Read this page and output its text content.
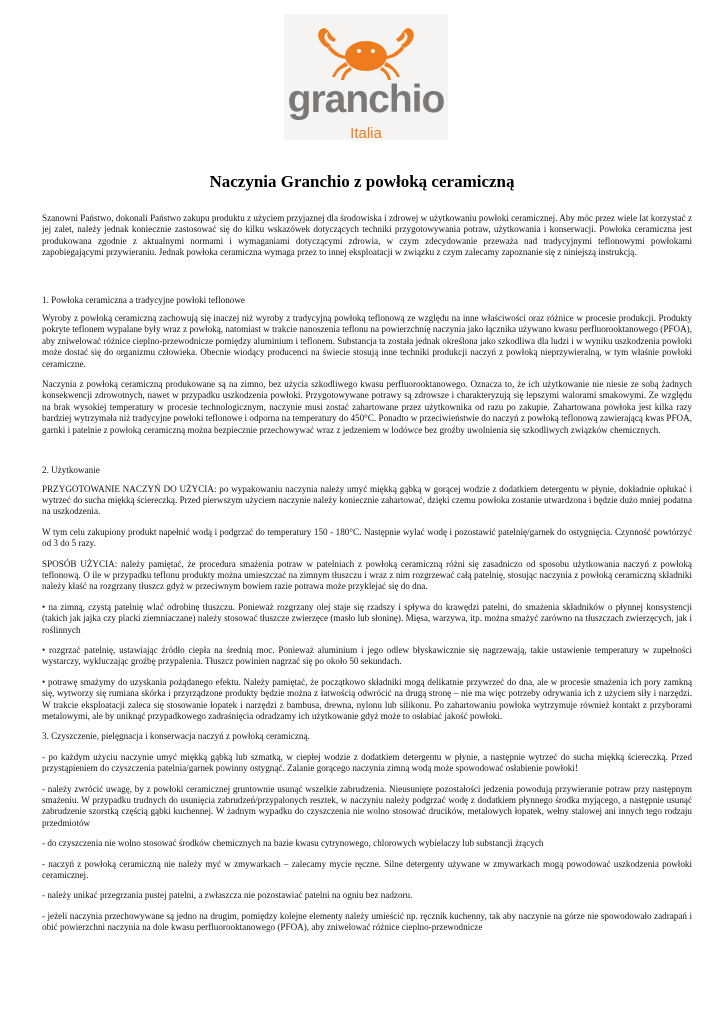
granchio
Italia
Naczynia Granchio z powłoką ceramiczną

Szanowni Państwo, dokonali Państwo zakupu produktu z użyciem przyjaznej dla środowiska i zdrowej w użytkowaniu powłoki ceramicznej. Aby móc przez wiele lat korzystać z jej zalet, należy jednak koniecznie zastosować się do kilku wskazówek dotyczących techniki przygotowywania potraw, użytkowania i konserwacji. Powłoka ceramiczna jest produkowana zgodnie z aktualnymi normami i wymaganiami dotyczącymi zdrowia, w czym zdecydowanie przeważa nad tradycyjnymi teflonowymi powłokami zapobiegającymi przywieraniu. Jednak powłoka ceramiczna wymaga przez to innej eksploatacji w związku z czym zalecamy zapoznanie się z niniejszą instrukcją.

1. Powłoka ceramiczna a tradycyjne powłoki teflonowe

Wyroby z powłoką ceramiczną zachowują się inaczej niż wyroby z tradycyjną powłoką teflonową ze względu na inne właściwości oraz różnice w procesie produkcji. Produkty pokryte teflonem wypalane były wraz z powłoką, natomiast w trakcie nanoszenia teflonu na powierzchnię naczynia jako łącznika używano kwasu perfluorooktanowego (PFOA), aby zniwelować różnice cieplno-przewodnicze pomiędzy aluminium i teflonem. Substancja ta została jednak określona jako szkodliwa dla ludzi i w wyniku uszkodzenia powłoki może dostać się do organizmu człowieka. Obecnie wiodący producenci na świecie stosują inne techniki produkcji naczyń z powłoką nieprzywieralną, w tym właśnie powłoki ceramiczne.

Naczynia z powłoką ceramiczną produkowane są na zimno, bez użycia szkodliwego kwasu perfluorooktanowego. Oznacza to, że ich użytkowanie nie niesie ze sobą żadnych konsekwencji zdrowotnych, nawet w przypadku uszkodzenia powłoki. Przygotowywane potrawy są zdrowsze i charakteryzują się lepszymi walorami smakowymi. Ze względu na brak wysokiej temperatury w procesie technologicznym, naczynie musi zostać zahartowane przez użytkownika od razu po zakupie. Zahartowana powłoka jest kilka razy bardziej wytrzymała niż tradycyjne powłoki teflonowe i odporna na temperatury do 450°C. Ponadto w przeciwieństwie do naczyń z powłoką teflonową zawierającą kwas PFOA, garnki i patelnie z powłoką ceramiczną można bezpiecznie przechowywać wraz z jedzeniem w lodówce bez groźby uwolnienia się szkodliwych związków chemicznych.

2. Użytkowanie

PRZYGOTOWANIE NACZYŃ DO UŻYCIA: po wypakowaniu naczynia należy umyć miękką gąbką w gorącej wodzie z dodatkiem detergentu w płynie, dokładnie opłukać i wytrzeć do sucha miękką ściereczką. Przed pierwszym użyciem naczynie należy koniecznie zahartować, dzięki czemu powłoka zostanie utwardzona i będzie dużo mniej podatna na uszkodzenia.

W tym celu zakupiony produkt napełnić wodą i podgrzać do temperatury 150 - 180°C. Następnie wylać wodę i pozostawić patelnię/garnek do ostygnięcia. Czynność powtórzyć od 3 do 5 razy.

SPOSÓB UŻYCIA: należy pamiętać, że procedura smażenia potraw w patelniach z powłoką ceramiczną różni się zasadniczo od sposobu użytkowania naczyń z powłoką teflonową. O ile w przypadku teflonu produkty można umieszczać na zimnym tłuszczu i wraz z nim rozgrzewać całą patelnię, stosując naczynia z powłoką ceramiczną składniki należy kłaść na rozgrzany tłuszcz gdyż w przeciwnym bowiem razie potrawa może przyklejać się do dna.

• na zimną, czystą patelnię wlać odrobinę tłuszczu. Ponieważ rozgrzany olej staje się rzadszy i spływa do krawędzi patelni, do smażenia składników o płynnej konsystencji (takich jak jajka czy placki ziemniaczane) należy stosować tłuszcze zwierzęce (masło lub słoninę). Mięsa, warzywa, itp. można smażyć zarówno na tłuszczach zwierzęcych, jak i roślinnych

• rozgrzać patelnię, ustawiając źródło ciepła na średnią moc. Ponieważ aluminium i jego odlew błyskawicznie się nagrzewają, takie ustawienie temperatury w zupełności wystarczy, wykluczając groźbę przypalenia. Tłuszcz powinien nagrzać się po około 50 sekundach.

• potrawę smażymy do uzyskania pożądanego efektu. Należy pamiętać, że początkowo składniki mogą delikatnie przywrzeć do dna, ale w procesie smażenia ich pory zamkną się, wytworzy się rumiana skórka i przyrządzone produkty będzie można z łatwością odwrócić na drugą stronę – nie ma więc potrzeby odrywania ich z użyciem siły i narzędzi. W trakcie eksploatacji zaleca się stosowanie łopatek i narzędzi z bambusa, drewna, nylonu lub silikonu. Po zahartowaniu powłoka wytrzymuje również kontakt z przyborami metalowymi, ale by uniknąć przypadkowego zadraśnięcia odradzamy ich użytkowanie gdyż może to osłabiać jakość powłoki.

3. Czyszczenie, pielęgnacja i konserwacja naczyń z powłoką ceramiczną.

- po każdym użyciu naczynie umyć miękką gąbką lub szmatką, w ciepłej wodzie z dodatkiem detergentu w płynie, a następnie wytrzeć do sucha miękką ściereczką. Przed przystąpieniem do czyszczenia patelnia/garnek powinny ostygnąć. Zalanie gorącego naczynia zimną wodą może spowodować osłabienie powłoki!

- należy zwrócić uwagę, by z powłoki ceramicznej gruntownie usunąć wszelkie zabrudzenia. Nieusunięte pozostałości jedzenia powodują przywieranie potraw przy następnym smażeniu. W przypadku trudnych do usunięcia zabrudzeń/przypalonych resztek, w naczyniu należy podgrzać wodę z dodatkiem płynnego środka myjącego, a następnie usunąć zabrudzenie szorstką częścią gąbki kuchennej. W żadnym wypadku do czyszczenia nie wolno stosować drucików, metalowych łopatek, wełny stalowej ani innych tego rodzaju przedmiotów

- do czyszczenia nie wolno stosować środków chemicznych na bazie kwasu cytrynowego, chlorowych wybielaczy lub substancji żrących

- naczyń z powłoką ceramiczną nie należy myć w zmywarkach – zalecamy mycie ręczne. Silne detergenty używane w zmywarkach mogą powodować uszkodzenia powłoki ceramicznej.

- należy unikać przegrzania pustej patelni, a zwłaszcza nie pozostawiać patelni na ogniu bez nadzoru.

- jeżeli naczynia przechowywane są jedno na drugim, pomiędzy kolejne elementy należy umieścić np. ręcznik kuchenny, tak aby naczynie na górze nie spowodowało zadrapań i obić powierzchni naczynia na dole kwasu perfluorooktanowego (PFOA), aby zniwelować różnice cieplno-przewodnicze
